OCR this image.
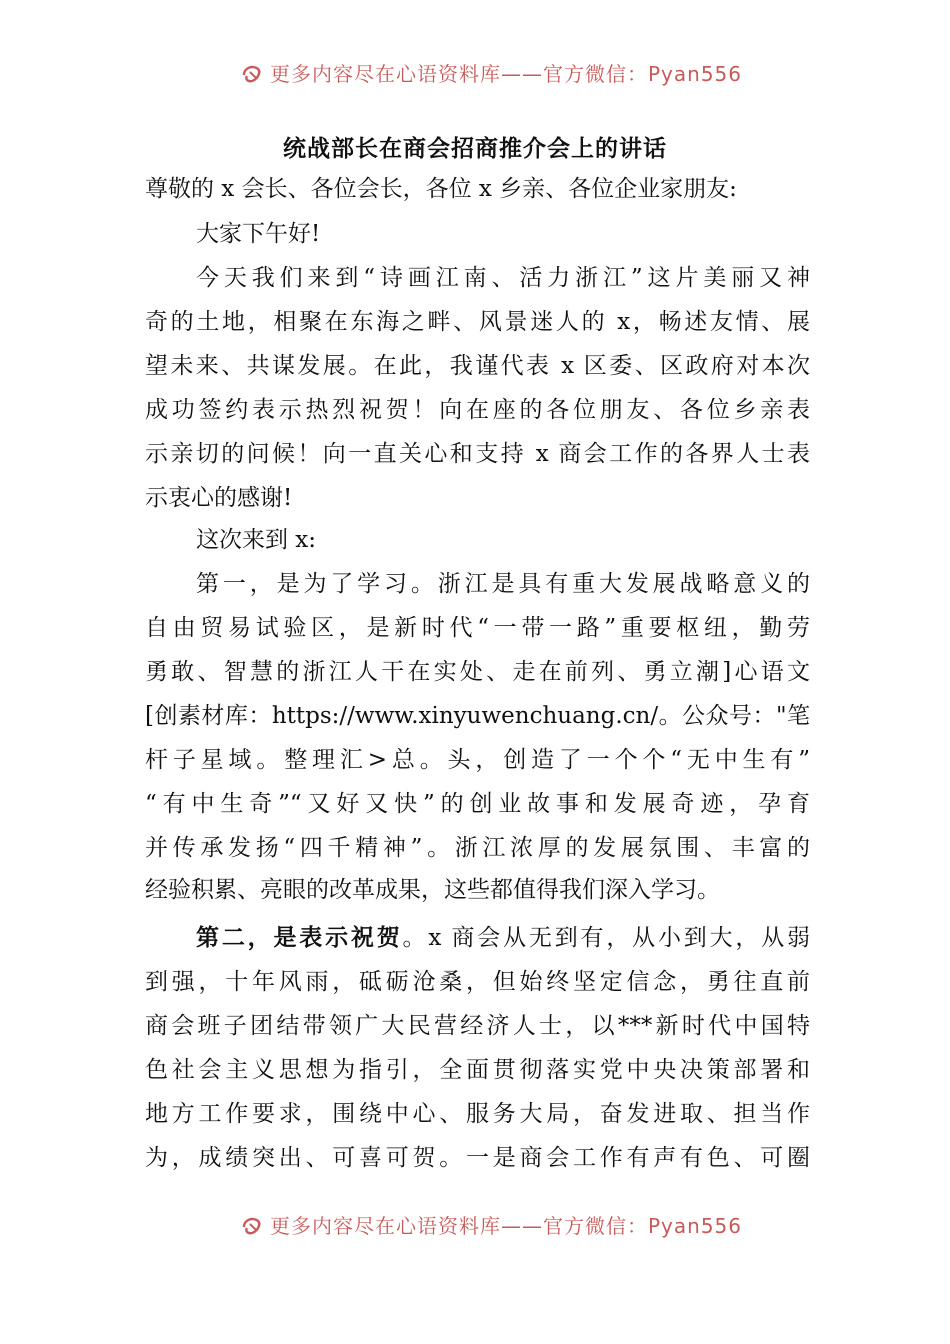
更多内容尽在心语资料库——官方微信：Pyan556
统战部长在商会招商推介会上的讲话
尊敬的 x 会长、各位会长，各位 x 乡亲、各位企业家朋友:
大家下午好!
今天我们来到“诗画江南、活力浙江”这片美丽又神
奇的土地，相聚在东海之畔、风景迷人的 x，畅述友情、展
望未来、共谋发展。在此，我谨代表 x 区委、区政府对本次
成功签约表示热烈祝贺！向在座的各位朋友、各位乡亲表
示亲切的问候！向一直关心和支持 x 商会工作的各界人士表
示衷心的感谢!
这次来到 x:
第一，是为了学习。浙江是具有重大发展战略意义的
自由贸易试验区，是新时代“一带一路”重要枢纽，勤劳
勇敢、智慧的浙江人干在实处、走在前列、勇立潮]心语文
[创素材库：https://www.xinyuwenchuang.cn/。公众号："笔
杆子星域。整理汇>总。头，创造了一个个“无中生有”
“有中生奇”“又好又快”的创业故事和发展奇迹，孕育
并传承发扬“四千精神”。浙江浓厚的发展氛围、丰富的
经验积累、亮眼的改革成果，这些都值得我们深入学习。
第二，是表示祝贺。x 商会从无到有，从小到大，从弱
到强，十年风雨，砥砺沧桑，但始终坚定信念，勇往直前
商会班子团结带领广大民营经济人士，以***新时代中国特
色社会主义思想为指引，全面贯彻落实党中央决策部署和
地方工作要求，围绕中心、服务大局，奋发进取、担当作
为，成绩突出、可喜可贺。一是商会工作有声有色、可圈
更多内容尽在心语资料库——官方微信：Pyan556
